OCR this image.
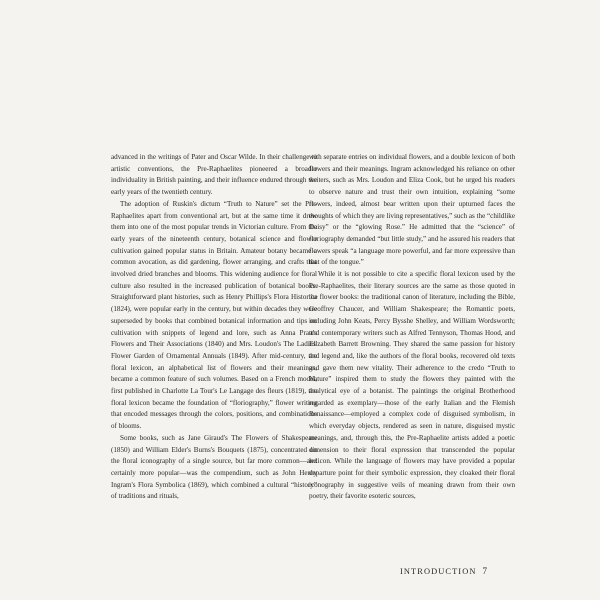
advanced in the writings of Pater and Oscar Wilde. In their challenge to artistic conventions, the Pre-Raphaelites pioneered a broader individuality in British painting, and their influence endured through the early years of the twentieth century.

The adoption of Ruskin's dictum “Truth to Nature” set the Pre-Raphaelites apart from conventional art, but at the same time it drew them into one of the most popular trends in Victorian culture. From the early years of the nineteenth century, botanical science and flower cultivation gained popular status in Britain. Amateur botany became a common avocation, as did gardening, flower arranging, and crafts that involved dried branches and blooms. This widening audience for floral culture also resulted in the increased publication of botanical books. Straightforward plant histories, such as Henry Phillips's Flora Historica (1824), were popular early in the century, but within decades they were superseded by books that combined botanical information and tips on cultivation with snippets of legend and lore, such as Anna Pratt's Flowers and Their Associations (1840) and Mrs. Loudon's The Ladies' Flower Garden of Ornamental Annuals (1849). After mid-century, the floral lexicon, an alphabetical list of flowers and their meanings, became a common feature of such volumes. Based on a French model, first published in Charlotte La Tour's Le Langage des fleurs (1819), the floral lexicon became the foundation of “floriography,” flower writing that encoded messages through the colors, positions, and combinations of blooms.

Some books, such as Jane Giraud's The Flowers of Shakespeare (1850) and William Elder's Burns's Bouquets (1875), concentrated on the floral iconography of a single source, but far more common—and certainly more popular—was the compendium, such as John Henry Ingram's Flora Symbolica (1869), which combined a cultural “history” of traditions and rituals,

with separate entries on individual flowers, and a double lexicon of both flowers and their meanings. Ingram acknowledged his reliance on other writers, such as Mrs. Loudon and Eliza Cook, but he urged his readers to observe nature and trust their own intuition, explaining “some flowers, indeed, almost bear written upon their upturned faces the thoughts of which they are living representatives,” such as the “childlike Daisy” or the “glowing Rose.” He admitted that the “science” of floriography demanded “but little study,” and he assured his readers that flowers speak “a language more powerful, and far more expressive than that of the tongue.”

While it is not possible to cite a specific floral lexicon used by the Pre-Raphaelites, their literary sources are the same as those quoted in the flower books: the traditional canon of literature, including the Bible, Geoffrey Chaucer, and William Shakespeare; the Romantic poets, including John Keats, Percy Bysshe Shelley, and William Wordsworth; and contemporary writers such as Alfred Tennyson, Thomas Hood, and Elizabeth Barrett Browning. They shared the same passion for history and legend and, like the authors of the floral books, recovered old texts and gave them new vitality. Their adherence to the credo “Truth to Nature” inspired them to study the flowers they painted with the analytical eye of a botanist. The paintings the original Brotherhood regarded as exemplary—those of the early Italian and the Flemish Renaissance—employed a complex code of disguised symbolism, in which everyday objects, rendered as seen in nature, disguised mystic meanings, and, through this, the Pre-Raphaelite artists added a poetic dimension to their floral expression that transcended the popular lexicon. While the language of flowers may have provided a popular departure point for their symbolic expression, they cloaked their floral iconography in suggestive veils of meaning drawn from their own poetry, their favorite esoteric sources,

INTRODUCTION 7
